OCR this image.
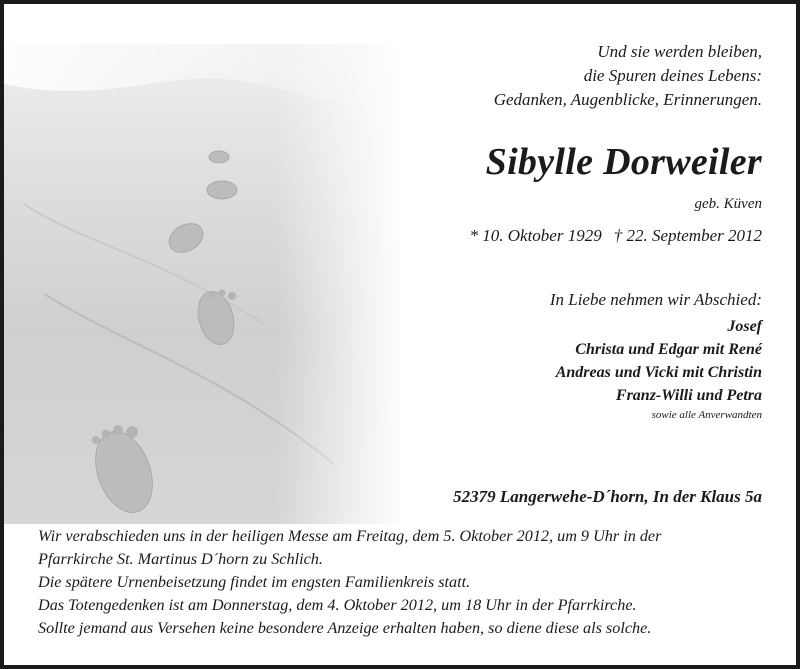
Und sie werden bleiben,
die Spuren deines Lebens:
Gedanken, Augenblicke, Erinnerungen.
Sibylle Dorweiler
geb. Küven
* 10. Oktober 1929 † 22. September 2012
In Liebe nehmen wir Abschied:
Josef
Christa und Edgar mit René
Andreas und Vicki mit Christin
Franz-Willi und Petra
sowie alle Anverwandten
52379 Langerwehe-D´horn, In der Klaus 5a
Wir verabschieden uns in der heiligen Messe am Freitag, dem 5. Oktober 2012, um 9 Uhr in der
Pfarrkirche St. Martinus D´horn zu Schlich.
Die spätere Urnenbeisetzung findet im engsten Familienkreis statt.
Das Totengedenken ist am Donnerstag, dem 4. Oktober 2012, um 18 Uhr in der Pfarrkirche.
Sollte jemand aus Versehen keine besondere Anzeige erhalten haben, so diene diese als solche.
